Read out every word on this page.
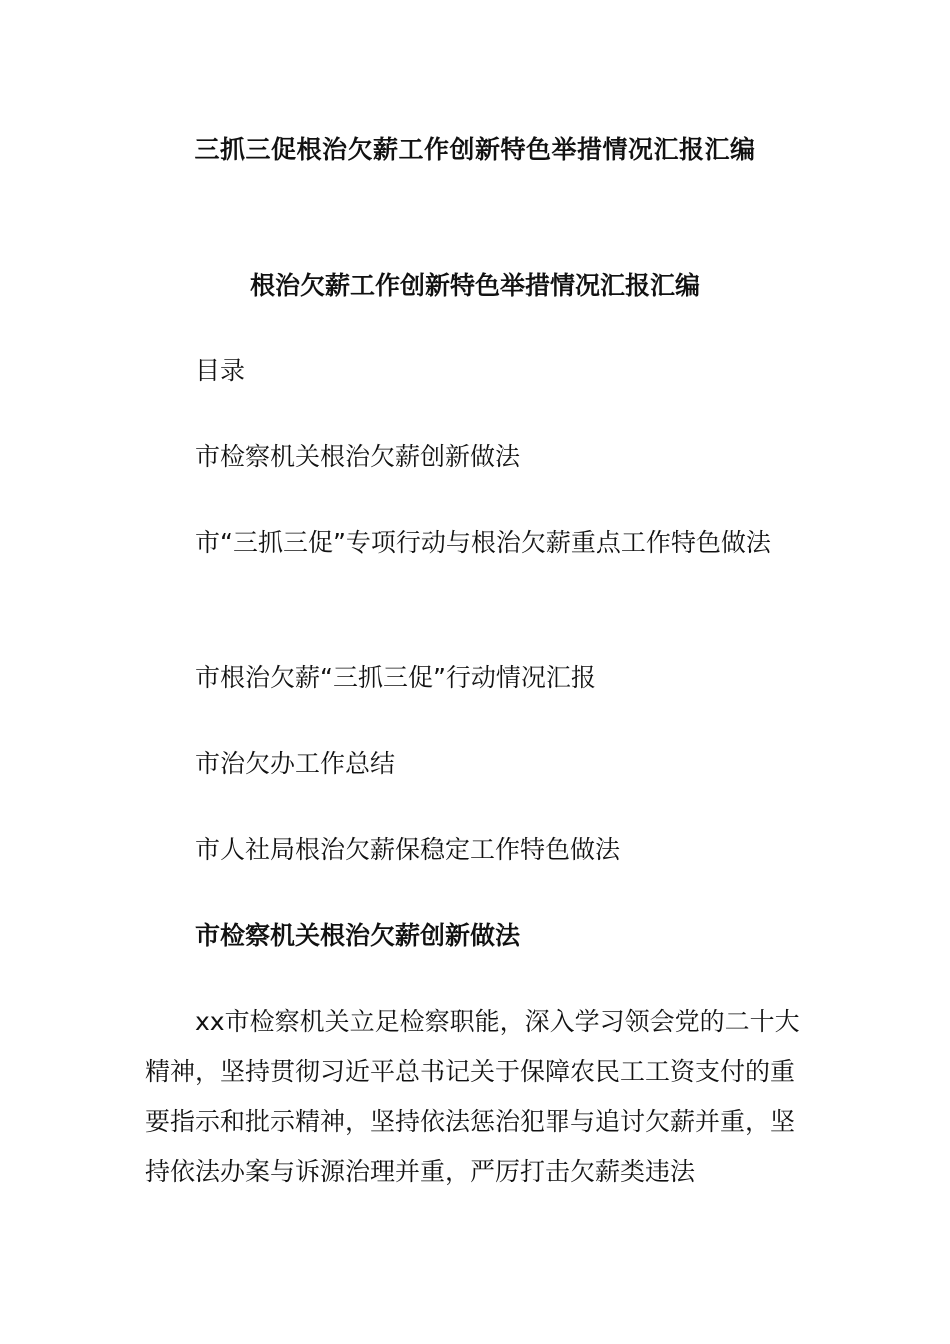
三抓三促根治欠薪工作创新特色举措情况汇报汇编
根治欠薪工作创新特色举措情况汇报汇编
目录
市检察机关根治欠薪创新做法
市“三抓三促”专项行动与根治欠薪重点工作特色做法
市根治欠薪“三抓三促”行动情况汇报
市治欠办工作总结
市人社局根治欠薪保稳定工作特色做法
市检察机关根治欠薪创新做法
xx市检察机关立足检察职能，深入学习领会党的二十大精神，坚持贯彻习近平总书记关于保障农民工工资支付的重要指示和批示精神，坚持依法惩治犯罪与追讨欠薪并重，坚持依法办案与诉源治理并重，严厉打击欠薪类违法
